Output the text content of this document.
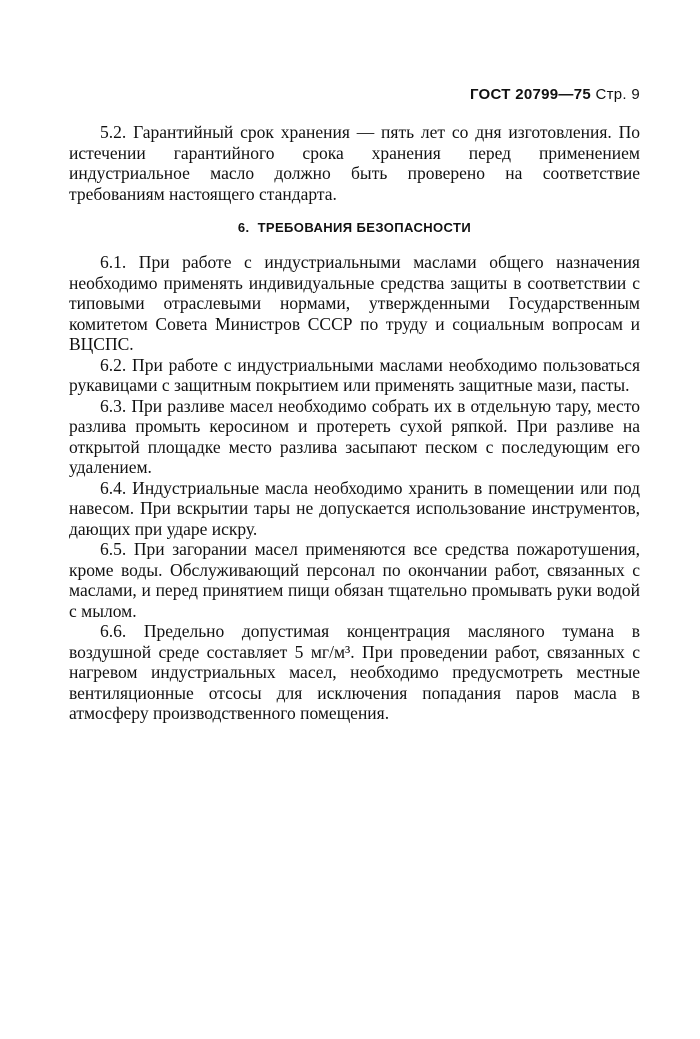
ГОСТ 20799—75 Стр. 9

5.2. Гарантийный срок хранения — пять лет со дня изготовления. По истечении гарантийного срока хранения перед применением индустриальное масло должно быть проверено на соответствие требованиям настоящего стандарта.

6. ТРЕБОВАНИЯ БЕЗОПАСНОСТИ

6.1. При работе с индустриальными маслами общего назначения необходимо применять индивидуальные средства защиты в соответствии с типовыми отраслевыми нормами, утвержденными Государственным комитетом Совета Министров СССР по труду и социальным вопросам и ВЦСПС.

6.2. При работе с индустриальными маслами необходимо пользоваться рукавицами с защитным покрытием или применять защитные мази, пасты.

6.3. При разливе масел необходимо собрать их в отдельную тару, место разлива промыть керосином и протереть сухой ряпкой. При разливе на открытой площадке место разлива засыпают песком с последующим его удалением.

6.4. Индустриальные масла необходимо хранить в помещении или под навесом. При вскрытии тары не допускается использование инструментов, дающих при ударе искру.

6.5. При загорании масел применяются все средства пожаротушения, кроме воды. Обслуживающий персонал по окончании работ, связанных с маслами, и перед принятием пищи обязан тщательно промывать руки водой с мылом.

6.6. Предельно допустимая концентрация масляного тумана в воздушной среде составляет 5 мг/м³. При проведении работ, связанных с нагревом индустриальных масел, необходимо предусмотреть местные вентиляционные отсосы для исключения попадания паров масла в атмосферу производственного помещения.
